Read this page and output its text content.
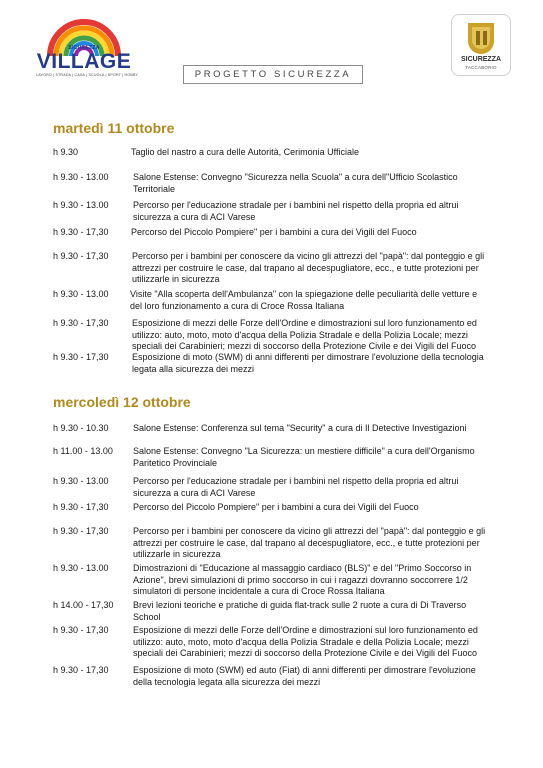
SICUREZZA
VILLAGE
LAVORO | STRADA | CASA | SCUOLA | SPORT | HOBBY
SICUREZZA
TACCABORIO
PROGETTO SICUREZZA
martedì 11 ottobre
h 9.30	Taglio del nastro a cura delle Autorità, Cerimonia Ufficiale
h 9.30 - 13.00	Salone Estense: Convegno "Sicurezza nella Scuola" a cura dell"Ufficio Scolastico Territoriale
h 9.30 - 13.00	Percorso per l'educazione stradale per i bambini nel rispetto della propria ed altrui sicurezza a cura di ACI Varese
h 9.30 - 17,30 Percorso del Piccolo Pompiere" per i bambini a cura dei Vigili del Fuoco
h 9.30 - 17,30	Percorso per i bambini per conoscere da vicino gli attrezzi del "papà": dal ponteggio e gli attrezzi per costruire le case, dal trapano al decespugliatore, ecc., e tutte protezioni per utilizzarle in sicurezza
h 9.30 - 13.00 Visite "Alla scoperta dell'Ambulanza" con la spiegazione delle peculiarità delle vetture e del loro funzionamento a cura di Croce Rossa Italiana
h 9.30 - 17,30	Esposizione di mezzi delle Forze dell'Ordine e dimostrazioni sul loro funzionamento ed utilizzo: auto, moto, moto d'acqua della Polizia Stradale e della Polizia Locale; mezzi speciali dei Carabinieri; mezzi di soccorso della Protezione Civile e dei Vigili del Fuoco
h 9.30 - 17,30	Esposizione di moto (SWM) di anni differenti per dimostrare l'evoluzione della tecnologia legata alla sicurezza dei mezzi
mercoledì 12 ottobre
h 9.30 - 10.30	Salone Estense: Conferenza sul tema "Security" a cura di Il Detective Investigazioni
h 11.00 - 13.00 Salone Estense: Convegno "La Sicurezza: un mestiere difficile" a cura dell'Organismo Paritetico Provinciale
h 9.30 - 13.00	Percorso per l'educazione stradale per i bambini nel rispetto della propria ed altrui sicurezza a cura di ACI Varese
h 9.30 - 17,30	Percorso del Piccolo Pompiere" per i bambini a cura dei Vigili del Fuoco
h 9.30 - 17,30	Percorso per i bambini per conoscere da vicino gli attrezzi del "papà": dal ponteggio e gli attrezzi per costruire le case, dal trapano al decespugliatore, ecc., e tutte protezioni per utilizzarle in sicurezza
h 9.30 - 13.00	Dimostrazioni di "Educazione al massaggio cardiaco (BLS)" e del "Primo Soccorso in Azione", brevi simulazioni di primo soccorso in cui i ragazzi dovranno soccorrere 1/2 simulatori di persone incidentale a cura di Croce Rossa Italiana
h 14.00 - 17,30 Brevi lezioni teoriche e pratiche di guida flat-track sulle 2 ruote a cura di Di Traverso School
h 9.30 - 17,30	Esposizione di mezzi delle Forze dell'Ordine e dimostrazioni sul loro funzionamento ed utilizzo: auto, moto, moto d'acqua della Polizia Stradale e della Polizia Locale; mezzi speciali dei Carabinieri; mezzi di soccorso della Protezione Civile e dei Vigili del Fuoco
h 9.30 - 17,30	Esposizione di moto (SWM) ed auto (Fiat) di anni differenti per dimostrare l'evoluzione della tecnologia legata alla sicurezza dei mezzi
